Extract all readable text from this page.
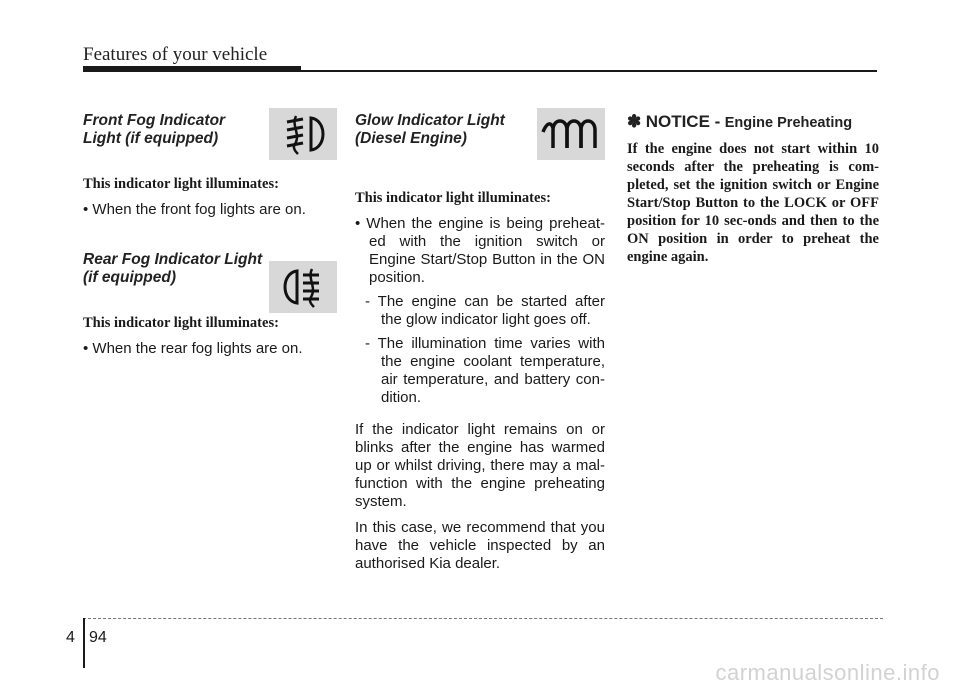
Features of your vehicle
Front Fog Indicator
Light (if equipped)
This indicator light illuminates:
• When the front fog lights are on.
Rear Fog Indicator Light
(if equipped)
This indicator light illuminates:
• When the rear fog lights are on.
Glow Indicator Light
(Diesel Engine)
This indicator light illuminates:
• When the engine is being preheat-ed with the ignition switch or Engine Start/Stop Button in the ON position.
- The engine can be started after the glow indicator light goes off.
- The illumination time varies with the engine coolant temperature, air temperature, and battery con-dition.
If the indicator light remains on or blinks after the engine has warmed up or whilst driving, there may a mal-function with the engine preheating system.
In this case, we recommend that you have the vehicle inspected by an authorised Kia dealer.
✽ NOTICE - Engine Preheating
If the engine does not start within 10 seconds after the preheating is com-pleted, set the ignition switch or Engine Start/Stop Button to the LOCK or OFF position for 10 sec-onds and then to the ON position in order to preheat the engine again.
4 94
carmanualsonline.info
